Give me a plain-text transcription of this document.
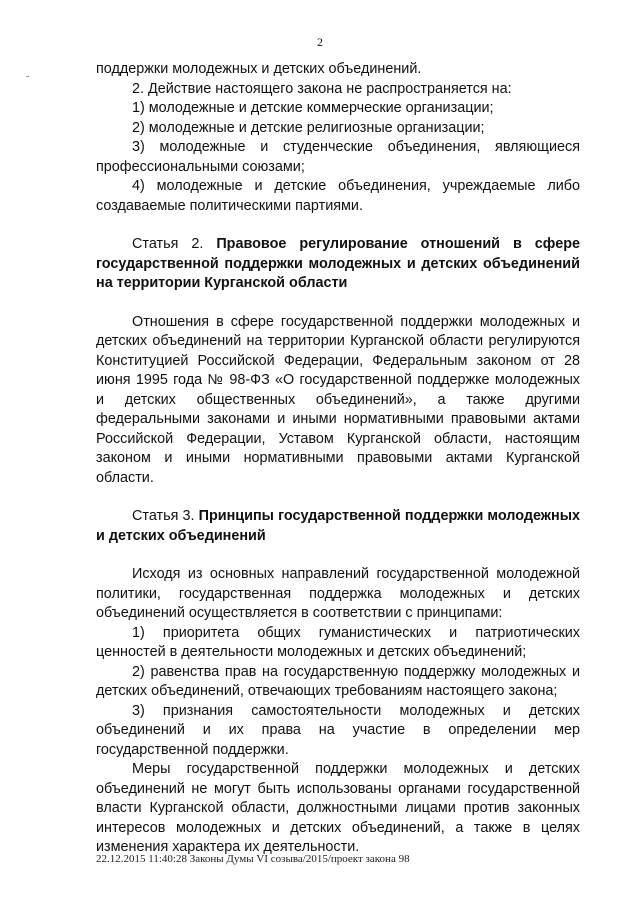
2

поддержки молодежных и детских объединений.

2. Действие настоящего закона не распространяется на:

1) молодежные и детские коммерческие организации;

2) молодежные и детские религиозные организации;

3) молодежные и студенческие объединения, являющиеся профессиональными союзами;

4) молодежные и детские объединения, учреждаемые либо создаваемые политическими партиями.

Статья 2. Правовое регулирование отношений в сфере государственной поддержки молодежных и детских объединений на территории Курганской области

Отношения в сфере государственной поддержки молодежных и детских объединений на территории Курганской области регулируются Конституцией Российской Федерации, Федеральным законом от 28 июня 1995 года № 98-ФЗ «О государственной поддержке молодежных и детских общественных объединений», а также другими федеральными законами и иными нормативными правовыми актами Российской Федерации, Уставом Курганской области, настоящим законом и иными нормативными правовыми актами Курганской области.

Статья 3. Принципы государственной поддержки молодежных и детских объединений

Исходя из основных направлений государственной молодежной политики, государственная поддержка молодежных и детских объединений осуществляется в соответствии с принципами:

1) приоритета общих гуманистических и патриотических ценностей в деятельности молодежных и детских объединений;

2) равенства прав на государственную поддержку молодежных и детских объединений, отвечающих требованиям настоящего закона;

3) признания самостоятельности молодежных и детских объединений и их права на участие в определении мер государственной поддержки.

Меры государственной поддержки молодежных и детских объединений не могут быть использованы органами государственной власти Курганской области, должностными лицами против законных интересов молодежных и детских объединений, а также в целях изменения характера их деятельности.

22.12.2015 11:40:28 Законы Думы VI созыва/2015/проект закона 98
